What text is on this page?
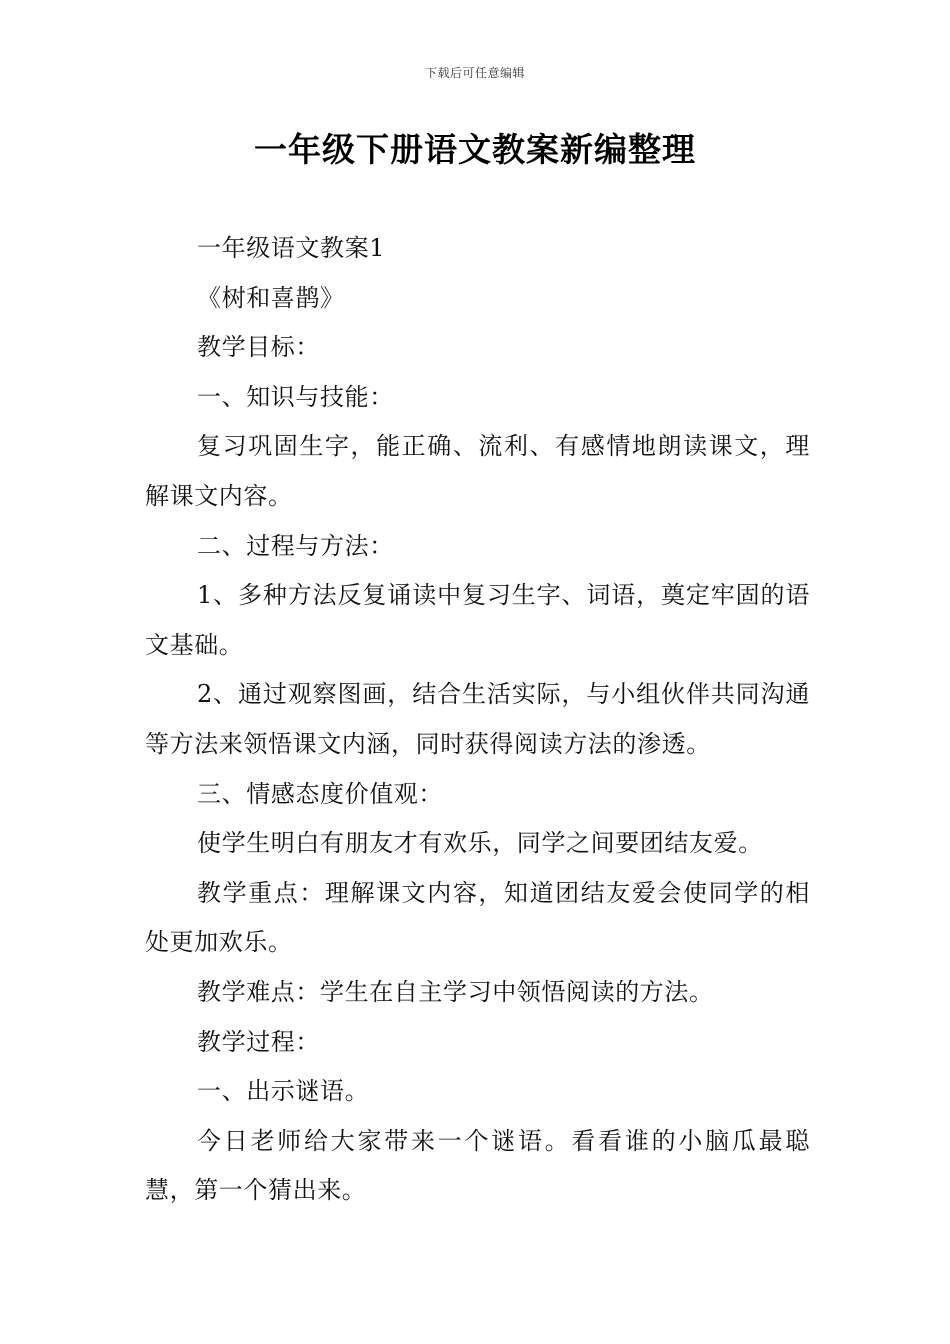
下载后可任意编辑
一年级下册语文教案新编整理

一年级语文教案1

《树和喜鹊》

教学目标：

一、知识与技能：

复习巩固生字，能正确、流利、有感情地朗读课文，理解课文内容。

二、过程与方法：

1、多种方法反复诵读中复习生字、词语，奠定牢固的语文基础。

2、通过观察图画，结合生活实际，与小组伙伴共同沟通等方法来领悟课文内涵，同时获得阅读方法的渗透。

三、情感态度价值观：

使学生明白有朋友才有欢乐，同学之间要团结友爱。

教学重点：理解课文内容，知道团结友爱会使同学的相处更加欢乐。

教学难点：学生在自主学习中领悟阅读的方法。

教学过程：

一、出示谜语。

今日老师给大家带来一个谜语。看看谁的小脑瓜最聪慧，第一个猜出来。
